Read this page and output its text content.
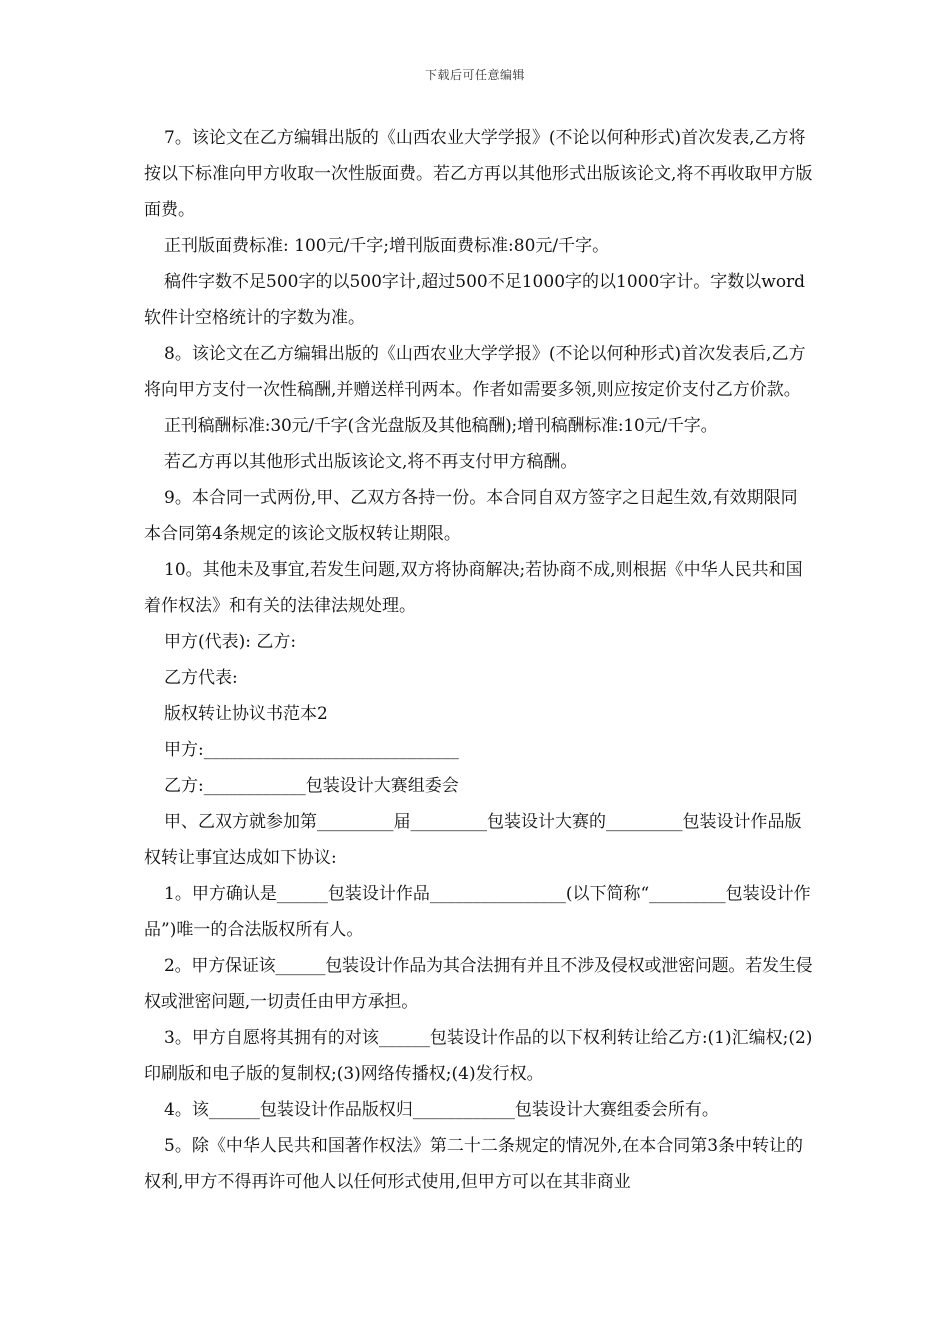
下载后可任意编辑

7。该论文在乙方编辑出版的《山西农业大学学报》(不论以何种形式)首次发表,乙方将按以下标准向甲方收取一次性版面费。若乙方再以其他形式出版该论文,将不再收取甲方版面费。

正刊版面费标准: 100元/千字;增刊版面费标准:80元/千字。

稿件字数不足500字的以500字计,超过500不足1000字的以1000字计。字数以word软件计空格统计的字数为准。

8。该论文在乙方编辑出版的《山西农业大学学报》(不论以何种形式)首次发表后,乙方将向甲方支付一次性稿酬,并赠送样刊两本。作者如需要多领,则应按定价支付乙方价款。

正刊稿酬标准:30元/千字(含光盘版及其他稿酬);增刊稿酬标准:10元/千字。

若乙方再以其他形式出版该论文,将不再支付甲方稿酬。

9。本合同一式两份,甲、乙双方各持一份。本合同自双方签字之日起生效,有效期限同本合同第4条规定的该论文版权转让期限。

10。其他未及事宜,若发生问题,双方将协商解决;若协商不成,则根据《中华人民共和国着作权法》和有关的法律法规处理。

甲方(代表): 乙方:

乙方代表:

版权转让协议书范本2

甲方:______________________________

乙方:____________包装设计大赛组委会

甲、乙双方就参加第_________届_________包装设计大赛的_________包装设计作品版权转让事宜达成如下协议:

1。甲方确认是______包装设计作品________________(以下简称“_________包装设计作品”)唯一的合法版权所有人。

2。甲方保证该______包装设计作品为其合法拥有并且不涉及侵权或泄密问题。若发生侵权或泄密问题,一切责任由甲方承担。

3。甲方自愿将其拥有的对该______包装设计作品的以下权利转让给乙方:(1)汇编权;(2)印刷版和电子版的复制权;(3)网络传播权;(4)发行权。

4。该______包装设计作品版权归____________包装设计大赛组委会所有。

5。除《中华人民共和国著作权法》第二十二条规定的情况外,在本合同第3条中转让的权利,甲方不得再许可他人以任何形式使用,但甲方可以在其非商业
